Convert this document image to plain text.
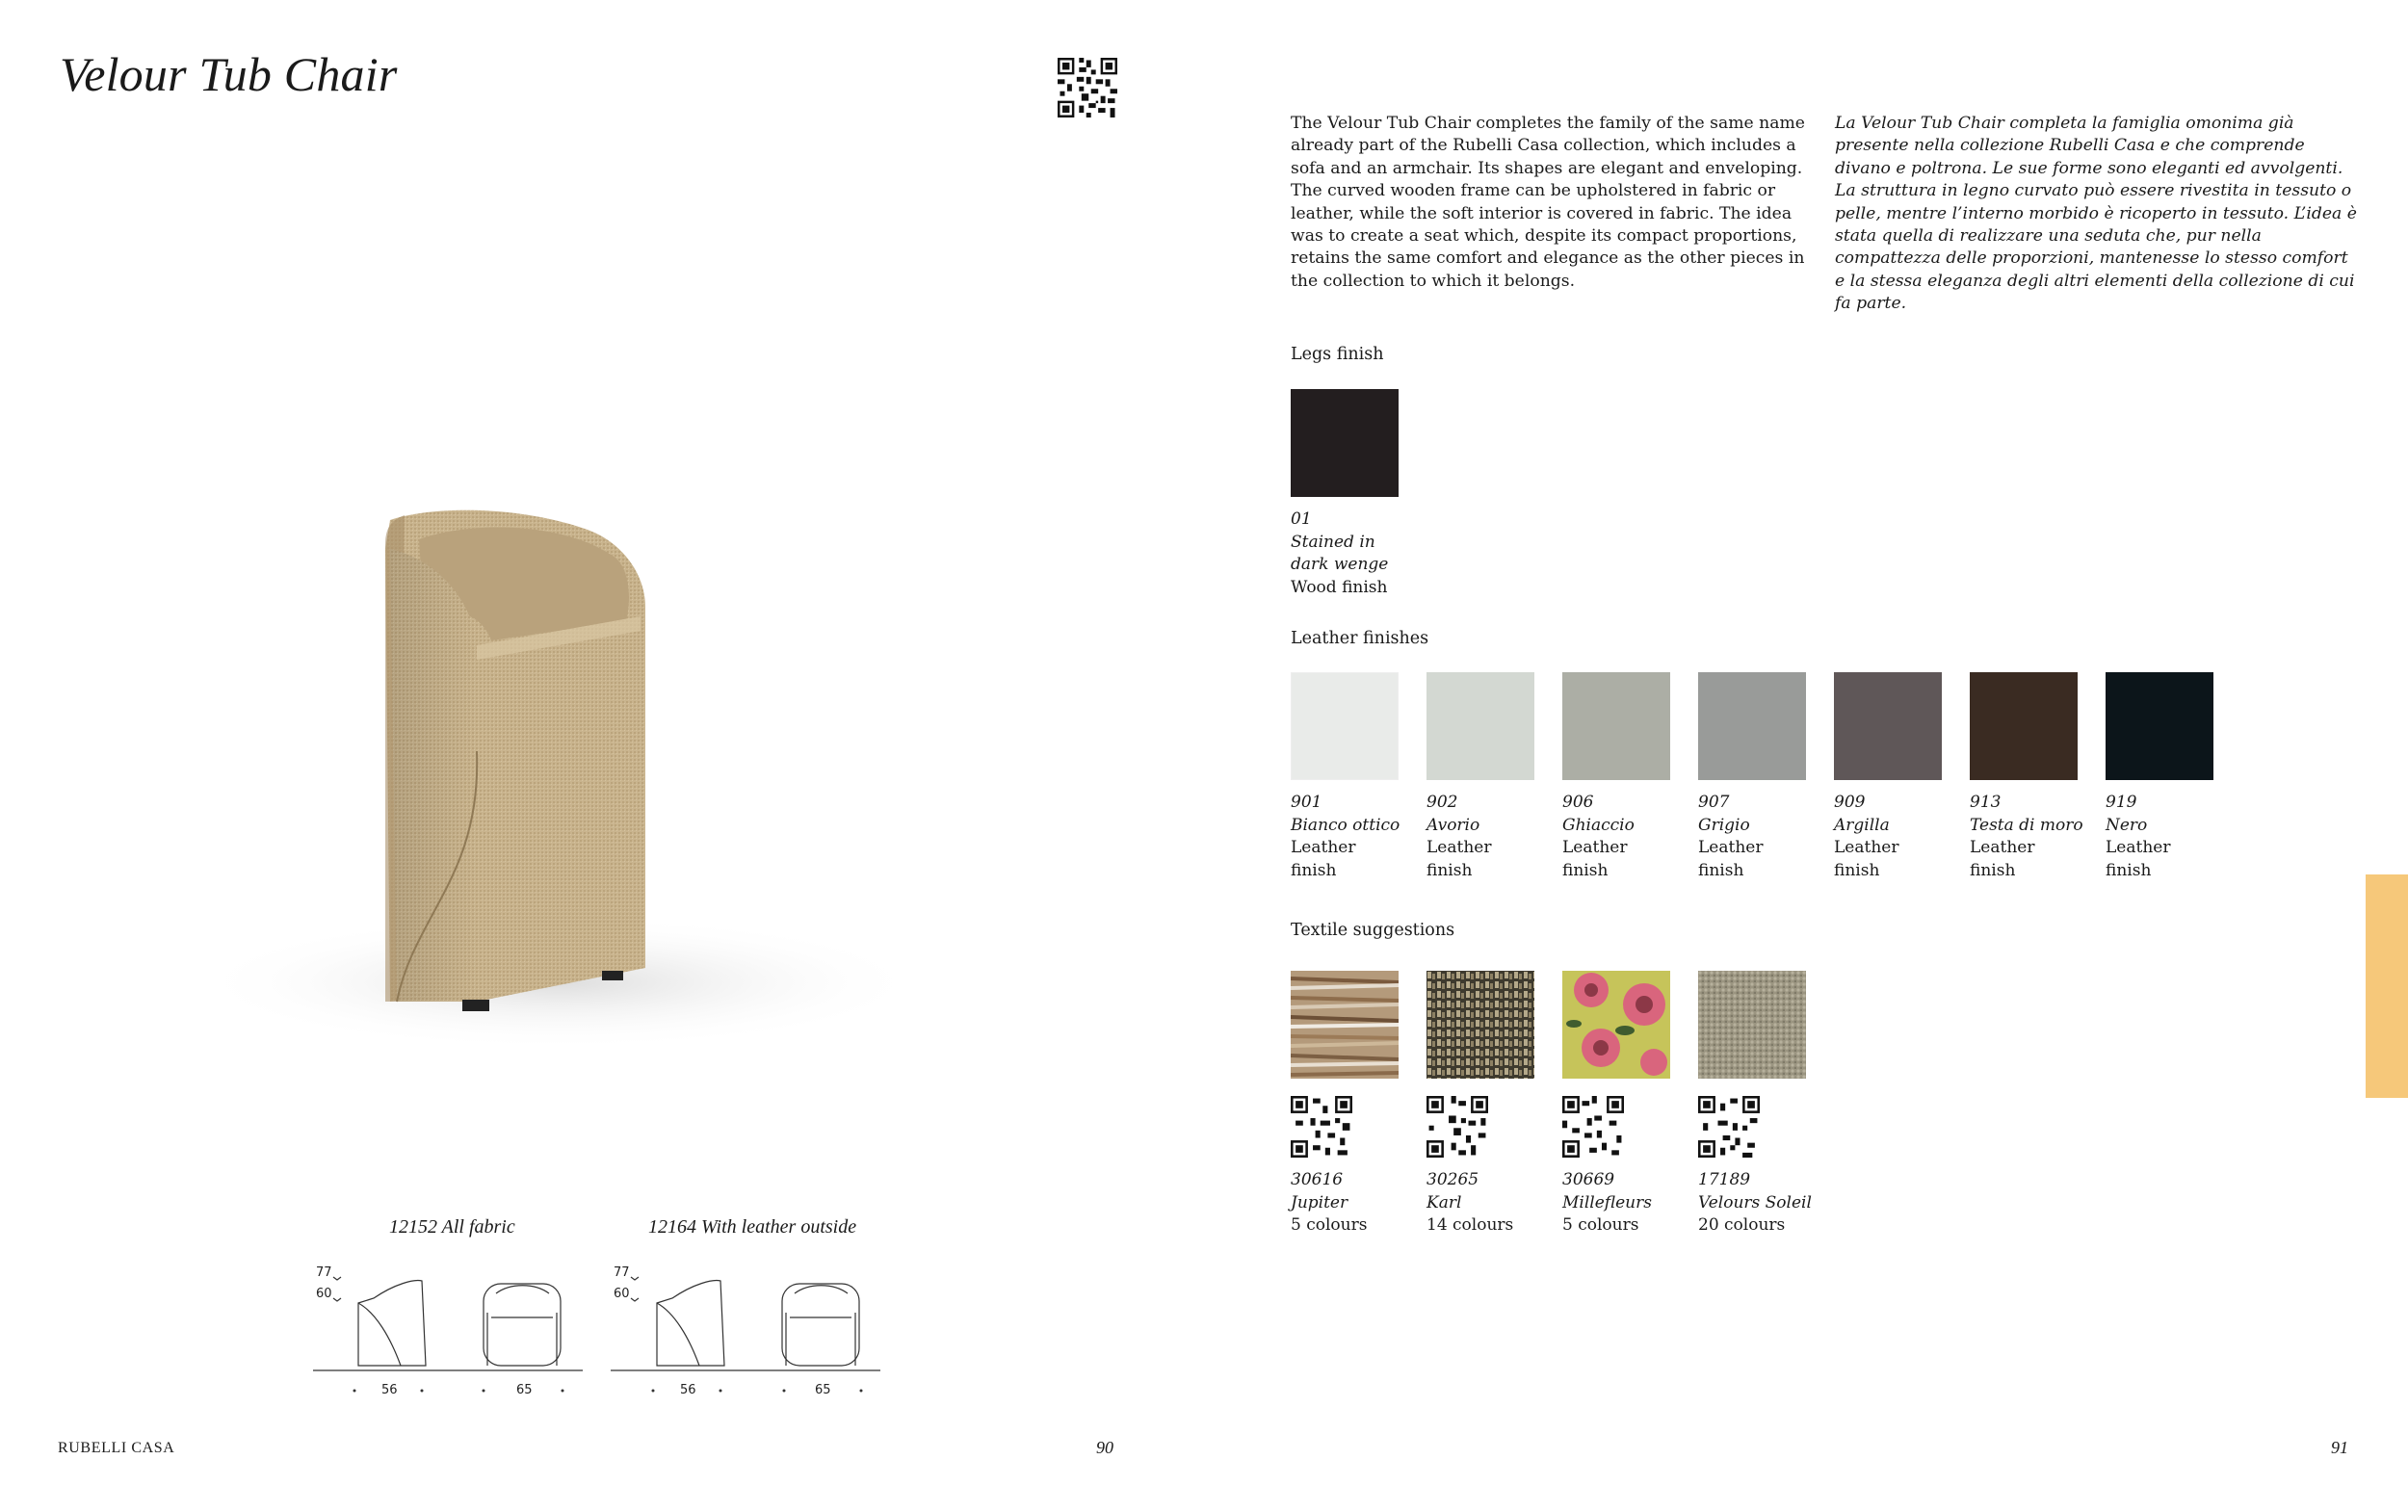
Velour Tub Chair
12152 All fabric	12164 With leather outside
77
60
56	65
77
60
56	65
RUBELLI CASA	90
The Velour Tub Chair completes the family of the same name already part of the Rubelli Casa collection, which includes a sofa and an armchair. Its shapes are elegant and enveloping. The curved wooden frame can be upholstered in fabric or leather, while the soft interior is covered in fabric. The idea was to create a seat which, despite its compact proportions, retains the same comfort and elegance as the other pieces in the collection to which it belongs.
La Velour Tub Chair completa la famiglia omonima già presente nella collezione Rubelli Casa e che comprende divano e poltrona. Le sue forme sono eleganti ed avvolgenti. La struttura in legno curvato può essere rivestita in tessuto o pelle, mentre l’interno morbido è ricoperto in tessuto. L’idea è stata quella di realizzare una seduta che, pur nella compattezza delle proporzioni, mantenesse lo stesso comfort e la stessa eleganza degli altri elementi della collezione di cui fa parte.
Legs finish
01
Stained in
dark wenge
Wood finish
Leather finishes
Textile suggestions
91
901
Bianco ottico
Leather
finish
902
Avorio
Leather
finish
906
Ghiaccio
Leather
finish
907
Grigio
Leather
finish
909
Argilla
Leather
finish
913
Testa di moro
Leather
finish
919
Nero
Leather
finish
30616
Jupiter
5 colours
30265
Karl
14 colours
30669
Millefleurs
5 colours
17189
Velours Soleil
20 colours
